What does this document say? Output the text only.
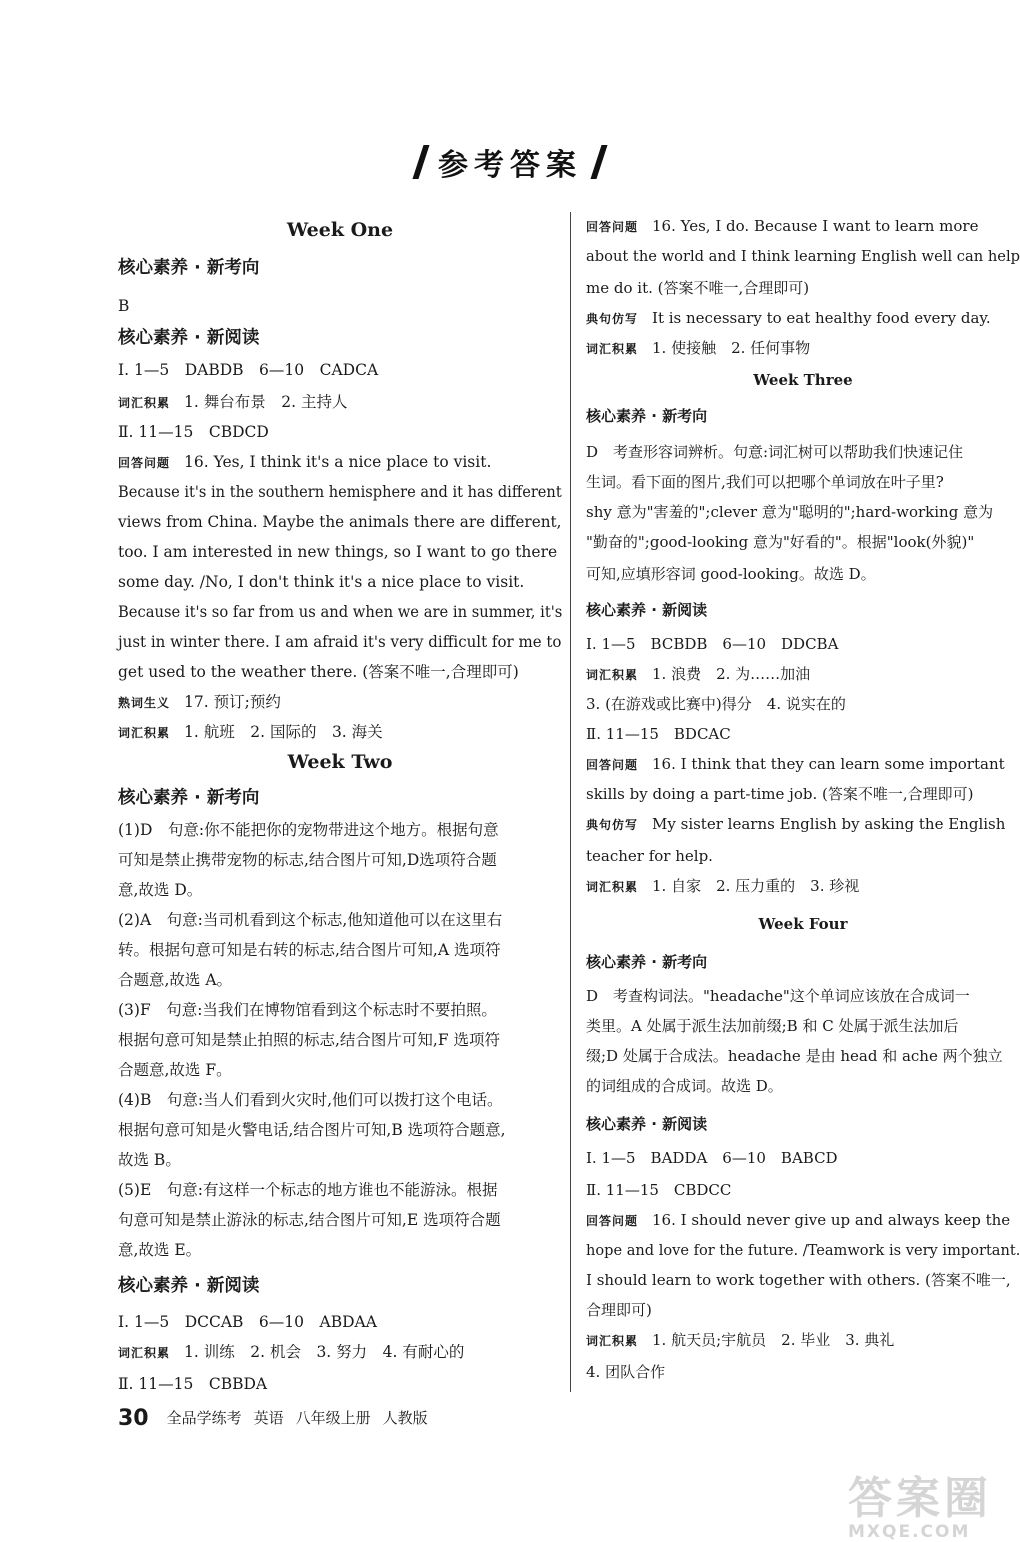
参考答案
Week One
核心素养 · 新考向
B
核心素养 · 新阅读
Ⅰ. 1—5　DABDB　6—10　CADCA
词汇积累 1. 舞台布景　2. 主持人
Ⅱ. 11—15　CBDCD
回答问题 16. Yes, I think it's a nice place to visit.
Because it's in the southern hemisphere and it has different
views from China. Maybe the animals there are different,
too. I am interested in new things, so I want to go there
some day. /No, I don't think it's a nice place to visit.
Because it's so far from us and when we are in summer, it's
just in winter there. I am afraid it's very difficult for me to
get used to the weather there. (答案不唯一,合理即可)
熟词生义 17. 预订;预约
词汇积累 1. 航班　2. 国际的　3. 海关
Week Two
核心素养 · 新考向
(1)D　句意:你不能把你的宠物带进这个地方。根据句意
可知是禁止携带宠物的标志,结合图片可知,D选项符合题
意,故选 D。
(2)A　句意:当司机看到这个标志,他知道他可以在这里右
转。根据句意可知是右转的标志,结合图片可知,A 选项符
合题意,故选 A。
(3)F　句意:当我们在博物馆看到这个标志时不要拍照。
根据句意可知是禁止拍照的标志,结合图片可知,F 选项符
合题意,故选 F。
(4)B　句意:当人们看到火灾时,他们可以拨打这个电话。
根据句意可知是火警电话,结合图片可知,B 选项符合题意,
故选 B。
(5)E　句意:有这样一个标志的地方谁也不能游泳。根据
句意可知是禁止游泳的标志,结合图片可知,E 选项符合题
意,故选 E。
核心素养 · 新阅读
Ⅰ. 1—5　DCCAB　6—10　ABDAA
词汇积累 1. 训练　2. 机会　3. 努力　4. 有耐心的
Ⅱ. 11—15　CBBDA
回答问题 16. Yes, I do. Because I want to learn more
about the world and I think learning English well can help
me do it. (答案不唯一,合理即可)
典句仿写 It is necessary to eat healthy food every day.
词汇积累 1. 使接触　2. 任何事物
Week Three
核心素养 · 新考向
D　考查形容词辨析。句意:词汇树可以帮助我们快速记住
生词。看下面的图片,我们可以把哪个单词放在叶子里?
shy 意为"害羞的";clever 意为"聪明的";hard-working 意为
"勤奋的";good-looking 意为"好看的"。根据"look(外貌)"
可知,应填形容词 good-looking。故选 D。
核心素养 · 新阅读
Ⅰ. 1—5　BCBDB　6—10　DDCBA
词汇积累 1. 浪费　2. 为……加油
3. (在游戏或比赛中)得分　4. 说实在的
Ⅱ. 11—15　BDCAC
回答问题 16. I think that they can learn some important
skills by doing a part-time job. (答案不唯一,合理即可)
典句仿写 My sister learns English by asking the English
teacher for help.
词汇积累 1. 自家　2. 压力重的　3. 珍视
Week Four
核心素养 · 新考向
D　考查构词法。"headache"这个单词应该放在合成词一
类里。A 处属于派生法加前缀;B 和 C 处属于派生法加后
缀;D 处属于合成法。headache 是由 head 和 ache 两个独立
的词组成的合成词。故选 D。
核心素养 · 新阅读
Ⅰ. 1—5　BADDA　6—10　BABCD
Ⅱ. 11—15　CBDCC
回答问题 16. I should never give up and always keep the
hope and love for the future. /Teamwork is very important.
I should learn to work together with others. (答案不唯一,
合理即可)
词汇积累 1. 航天员;宇航员　2. 毕业　3. 典礼
4. 团队合作
30 全品学练考 英语 八年级上册 人教版
答案圈
MXQE.COM
